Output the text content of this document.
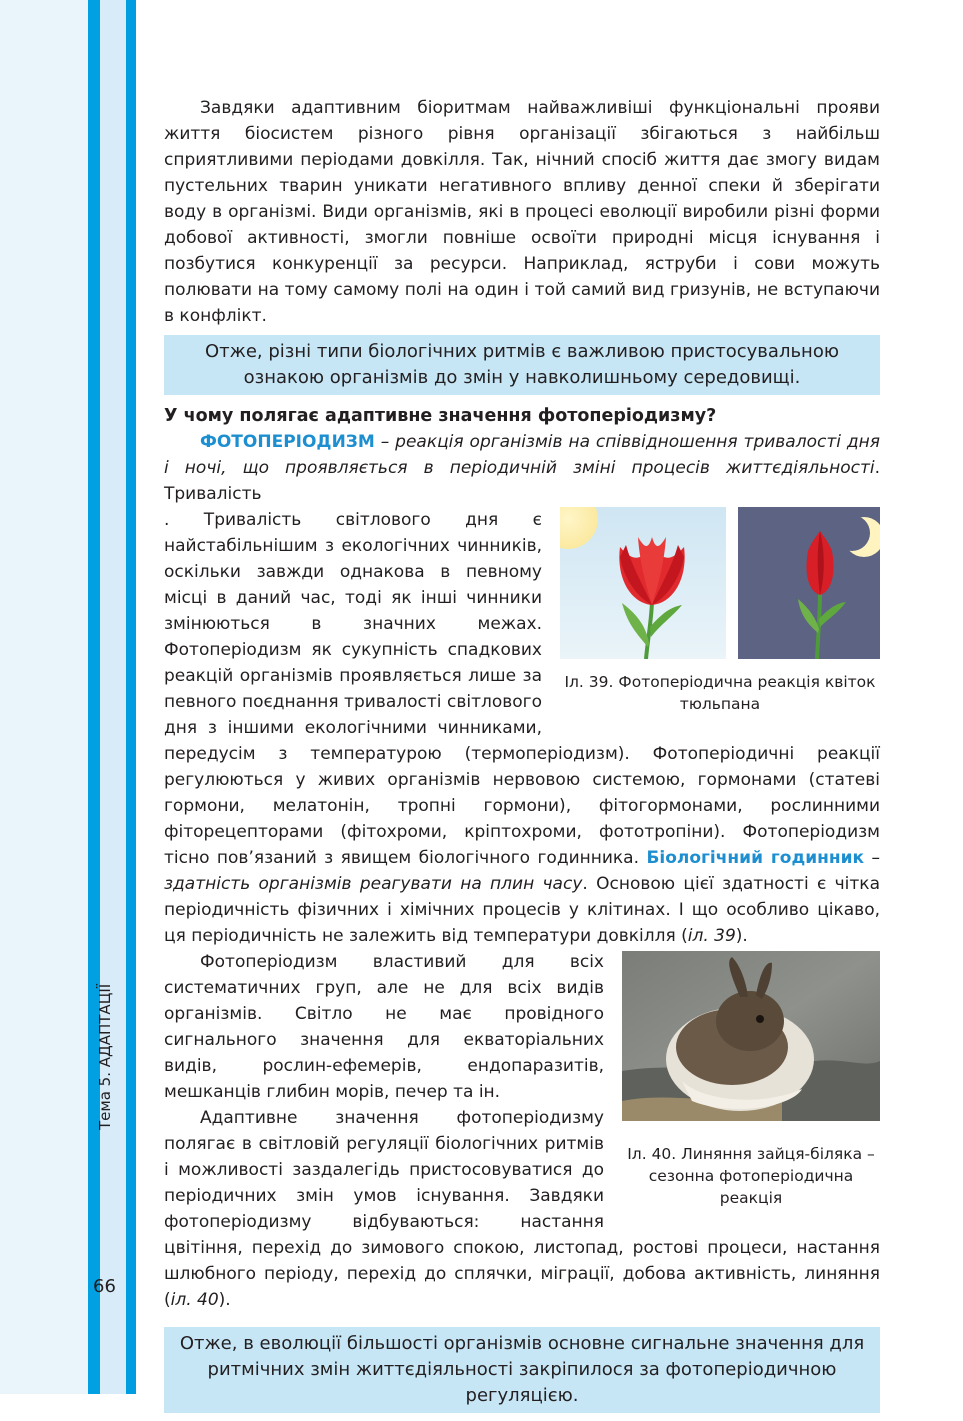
Тема 5. АДАПТАЦІЇ
66

Завдяки адаптивним біоритмам найважливіші функціональні прояви життя біосистем різного рівня організації збігаються з найбільш сприятливими періодами довкілля. Так, нічний спосіб життя дає змогу видам пустельних тварин уникати негативного впливу денної спеки й зберігати воду в організмі. Види організмів, які в процесі еволюції виробили різні форми добової активності, змогли повніше освоїти природні місця існування і позбутися конкуренції за ресурси. Наприклад, яструби і сови можуть полювати на тому самому полі на один і той самий вид гризунів, не вступаючи в конфлікт.

Отже, різні типи біологічних ритмів є важливою пристосувальною ознакою організмів до змін у навколишньому середовищі.
У чому полягає адаптивне значення фотоперіодизму?

ФОТОПЕРІОДИЗМ – реакція організмів на співвідношення тривалості дня і ночі, що проявляється в періодичній зміні процесів життєдіяльності. Тривалість

Іл. 39. Фотоперіодична реакція квіток тюльпана

. Тривалість світлового дня є найстабільнішим з екологічних чинників, оскільки завжди однакова в певному місці в даний час, тоді як інші чинники змінюються в значних межах. Фотоперіодизм як сукупність спадкових реакцій організмів проявляється лише за певного поєднання тривалості світлового дня з іншими екологічними чинниками, передусім з температурою (термоперіодизм). Фотоперіодичні реакції регулюються у живих організмів нервовою системою, гормонами (статеві гормони, мелатонін, тропні гормони), фітогормонами, рослинними фіторецепторами (фітохроми, кріптохроми, фототропіни). Фотоперіодизм тісно пов’язаний з явищем біологічного годинника. Біологічний годинник – здатність організмів реагувати на плин часу. Основою цієї здатності є чітка періодичність фізичних і хімічних процесів у клітинах. І що особливо цікаво, ця періодичність не залежить від температури довкілля (іл. 39).

Іл. 40. Линяння зайця-біляка – сезонна фотоперіодична реакція

Фотоперіодизм властивий для всіх систематичних груп, але не для всіх видів організмів. Світло не має провідного сигнального значення для екваторіальних видів, рослин-ефемерів, ендопаразитів, мешканців глибин морів, печер та ін.

Адаптивне значення фотоперіодизму полягає в світловій регуляції біологічних ритмів і можливості заздалегідь пристосовуватися до періодичних змін умов існування. Завдяки фотоперіодизму відбуваються: настання цвітіння, перехід до зимового спокою, листопад, ростові процеси, настання шлюбного періоду, перехід до сплячки, міграції, добова активність, линяння (іл. 40).

Отже, в еволюції більшості організмів основне сигнальне значення для ритмічних змін життєдіяльності закріпилося за фотоперіодичною регуляцією.
